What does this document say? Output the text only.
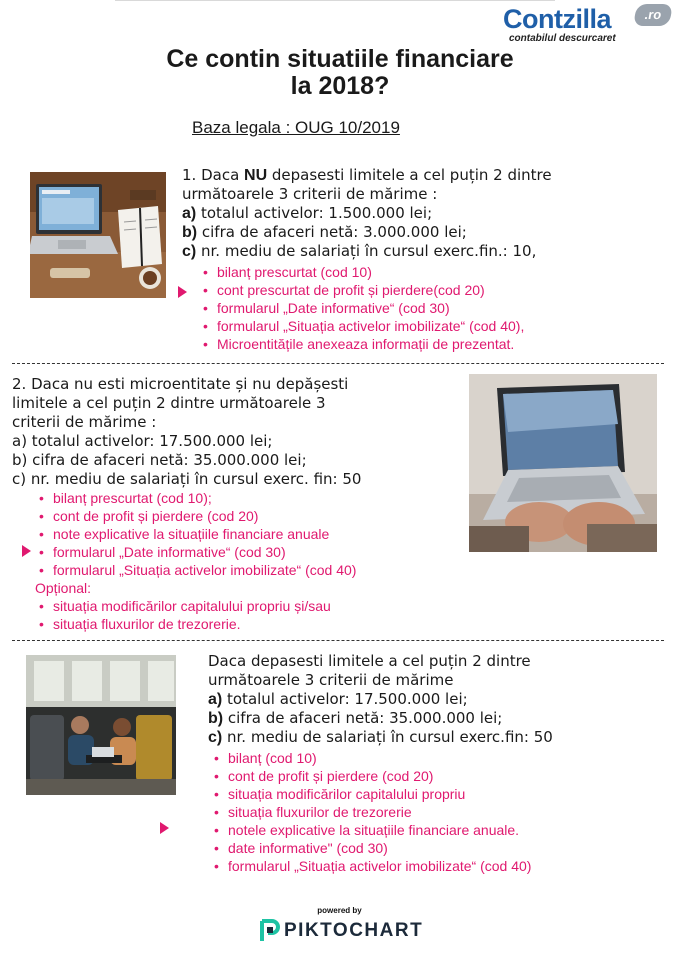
Contzilla	.ro
contabilul descurcaret
Ce contin situatiile financiare
la 2018?
Baza legala : OUG 10/2019

1. Daca NU depasesti limitele a cel puțin 2 dintre

următoarele 3 criterii de mărime :

a) totalul activelor: 1.500.000 lei;

b) cifra de afaceri netă: 3.000.000 lei;

c) nr. mediu de salariați în cursul exerc.fin.: 10,

• bilanț prescurtat (cod 10)
• cont prescurtat de profit și pierdere(cod 20)
• formularul „Date informative“ (cod 30)
• formularul „Situația activelor imobilizate“ (cod 40),
• Microentitățile anexeaza informații de prezentat.

2. Daca nu esti microentitate și nu depășesti

limitele a cel puțin 2 dintre următoarele 3

criterii de mărime :

a) totalul activelor: 17.500.000 lei;

b) cifra de afaceri netă: 35.000.000 lei;

c) nr. mediu de salariați în cursul exerc. fin: 50

• bilanț prescurtat (cod 10);
• cont de profit și pierdere (cod 20)
• note explicative la situațiile financiare anuale
• formularul „Date informative“ (cod 30)
• formularul „Situația activelor imobilizate“ (cod 40)
Opțional:
• situația modificărilor capitalului propriu și/sau
• situația fluxurilor de trezorerie.

Daca depasesti limitele a cel puțin 2 dintre

următoarele 3 criterii de mărime

a) totalul activelor: 17.500.000 lei;

b) cifra de afaceri netă: 35.000.000 lei;

c) nr. mediu de salariați în cursul exerc.fin: 50

• bilanț (cod 10)
• cont de profit și pierdere (cod 20)
• situația modificărilor capitalului propriu
• situația fluxurilor de trezorerie
• notele explicative la situațiile financiare anuale.
• date informative" (cod 30)
• formularul „Situația activelor imobilizate“ (cod 40)
powered by
PIKTOCHART
